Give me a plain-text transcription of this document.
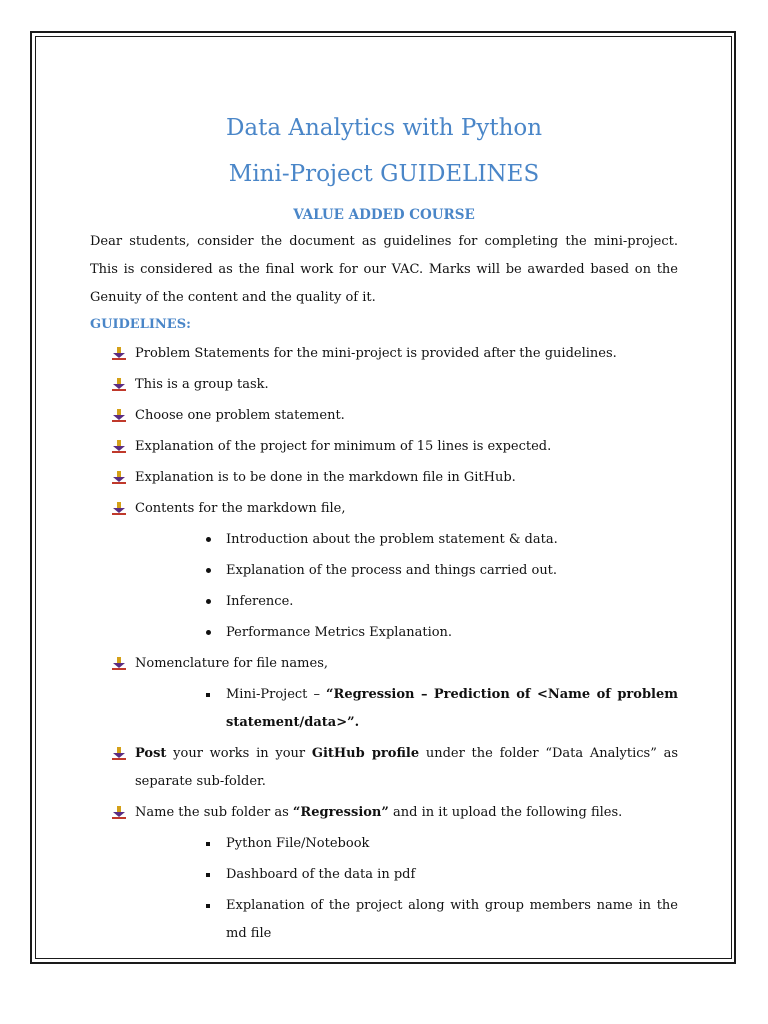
Data Analytics with Python
Mini-Project GUIDELINES
VALUE ADDED COURSE

Dear students, consider the document as guidelines for completing the mini-project. This is considered as the final work for our VAC. Marks will be awarded based on the Genuity of the content and the quality of it.

GUIDELINES:
Problem Statements for the mini-project is provided after the guidelines.
This is a group task.
Choose one problem statement.
Explanation of the project for minimum of 15 lines is expected.
Explanation is to be done in the markdown file in GitHub.
Contents for the markdown file,
Introduction about the problem statement & data.
Explanation of the process and things carried out.
Inference.
Performance Metrics Explanation.
Nomenclature for file names,
Mini-Project – “Regression – Prediction of <Name of problem statement/data>”.
Post your works in your GitHub profile under the folder “Data Analytics” as separate sub-folder.
Name the sub folder as “Regression” and in it upload the following files.
Python File/Notebook
Dashboard of the data in pdf
Explanation of the project along with group members name in the md file
